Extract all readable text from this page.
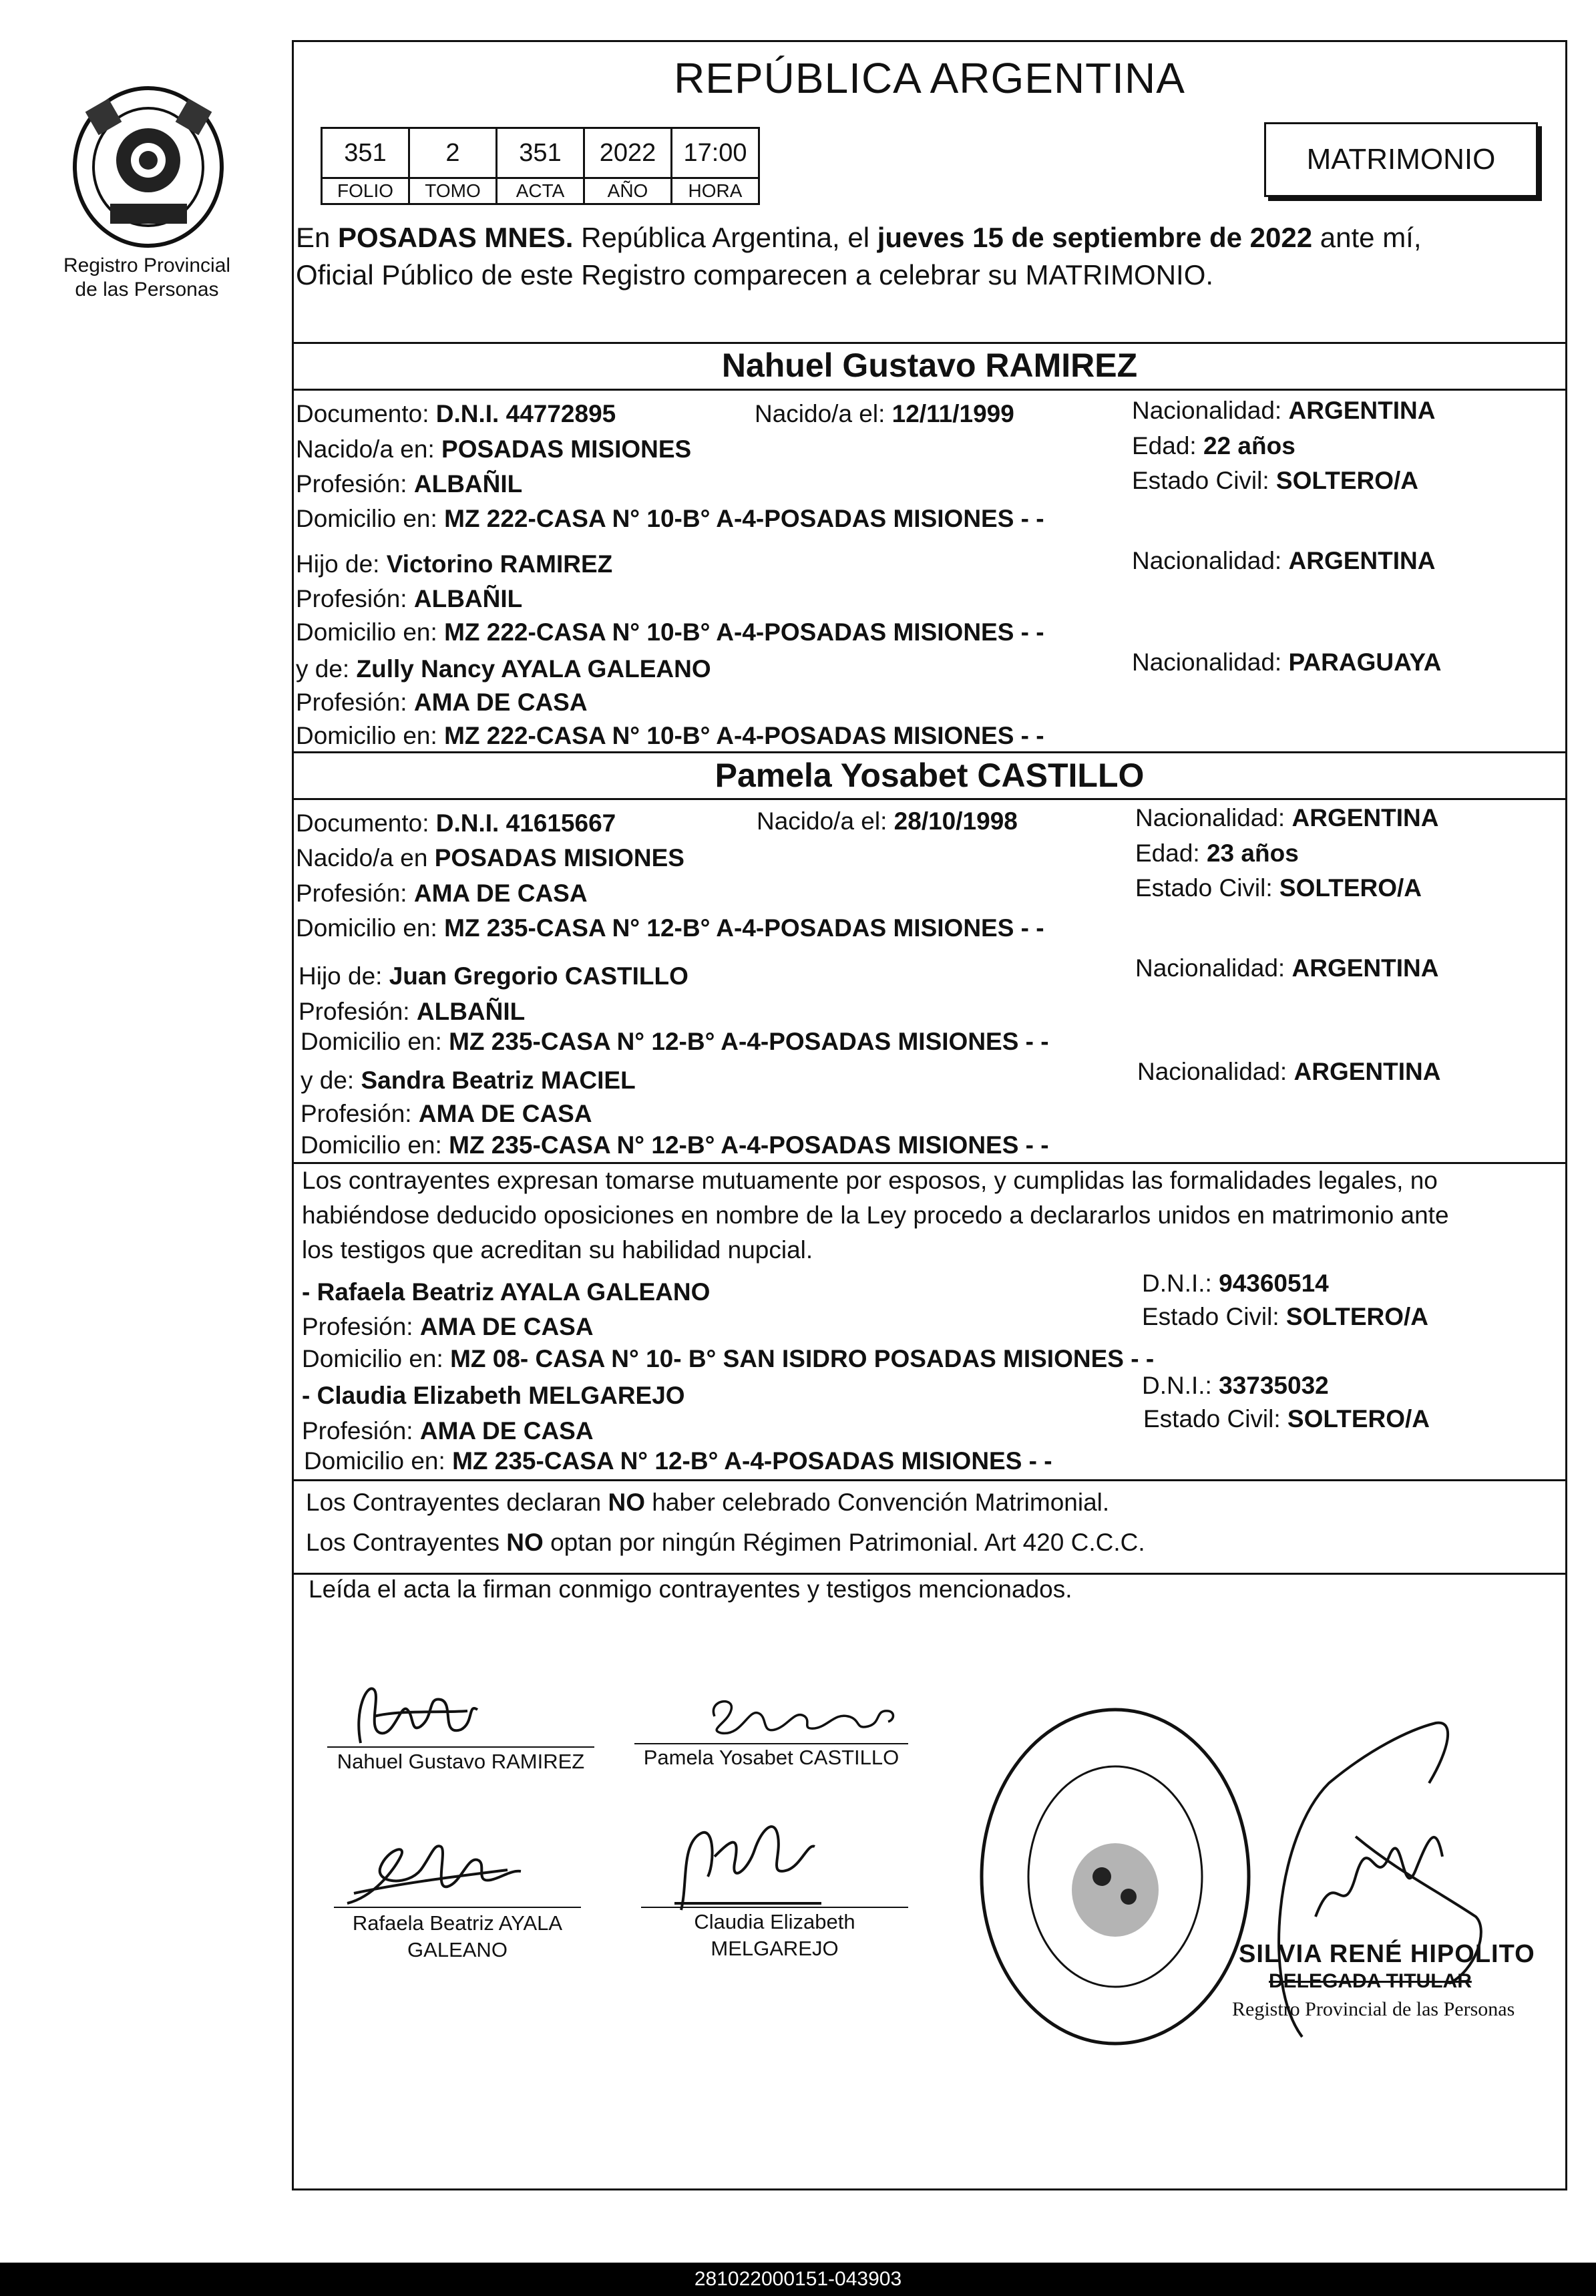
Registro Provincial
de las Personas
REPÚBLICA ARGENTINA
351	2	351	2022	17:00
FOLIO	TOMO	ACTA	AÑO	HORA
MATRIMONIO
En POSADAS MNES. República Argentina, el jueves 15 de septiembre de 2022 ante mí,
Oficial Público de este Registro comparecen a celebrar su MATRIMONIO.
Nahuel Gustavo RAMIREZ
Documento: D.N.I. 44772895	Nacido/a el: 12/11/1999	Nacionalidad: ARGENTINA
Nacido/a en: POSADAS MISIONES	Edad: 22 años
Profesión: ALBAÑIL	Estado Civil: SOLTERO/A
Domicilio en: MZ 222-CASA N° 10-B° A-4-POSADAS MISIONES - -
Hijo de: Victorino RAMIREZ	Nacionalidad: ARGENTINA
Profesión: ALBAÑIL
Domicilio en: MZ 222-CASA N° 10-B° A-4-POSADAS MISIONES - -
y de: Zully Nancy AYALA GALEANO	Nacionalidad: PARAGUAYA
Profesión: AMA DE CASA
Domicilio en: MZ 222-CASA N° 10-B° A-4-POSADAS MISIONES - -
Pamela Yosabet CASTILLO
Documento: D.N.I. 41615667	Nacido/a el: 28/10/1998	Nacionalidad: ARGENTINA
Nacido/a en POSADAS MISIONES	Edad: 23 años
Profesión: AMA DE CASA	Estado Civil: SOLTERO/A
Domicilio en: MZ 235-CASA N° 12-B° A-4-POSADAS MISIONES - -
Hijo de: Juan Gregorio CASTILLO	Nacionalidad: ARGENTINA
Profesión: ALBAÑIL
Domicilio en: MZ 235-CASA N° 12-B° A-4-POSADAS MISIONES - -
y de: Sandra Beatriz MACIEL	Nacionalidad: ARGENTINA
Profesión: AMA DE CASA
Domicilio en: MZ 235-CASA N° 12-B° A-4-POSADAS MISIONES - -
Los contrayentes expresan tomarse mutuamente por esposos, y cumplidas las formalidades legales, no
habiéndose deducido oposiciones en nombre de la Ley procedo a declararlos unidos en matrimonio ante
los testigos que acreditan su habilidad nupcial.
- Rafaela Beatriz AYALA GALEANO	D.N.I.: 94360514
Profesión: AMA DE CASA	Estado Civil: SOLTERO/A
Domicilio en: MZ 08- CASA N° 10- B° SAN ISIDRO POSADAS MISIONES - -
- Claudia Elizabeth MELGAREJO	D.N.I.: 33735032
Profesión: AMA DE CASA	Estado Civil: SOLTERO/A
Domicilio en: MZ 235-CASA N° 12-B° A-4-POSADAS MISIONES - -
Los Contrayentes declaran NO haber celebrado Convención Matrimonial.
Los Contrayentes NO optan por ningún Régimen Patrimonial. Art 420 C.C.C.
Leída el acta la firman conmigo contrayentes y testigos mencionados.
Nahuel Gustavo RAMIREZ	Pamela Yosabet CASTILLO
Rafaela Beatriz AYALA
GALEANO
Claudia Elizabeth
MELGAREJO	SILVIA RENÉ HIPOLITO
DELEGADA TITULAR
Registro Provincial de las Personas
281022000151-043903
